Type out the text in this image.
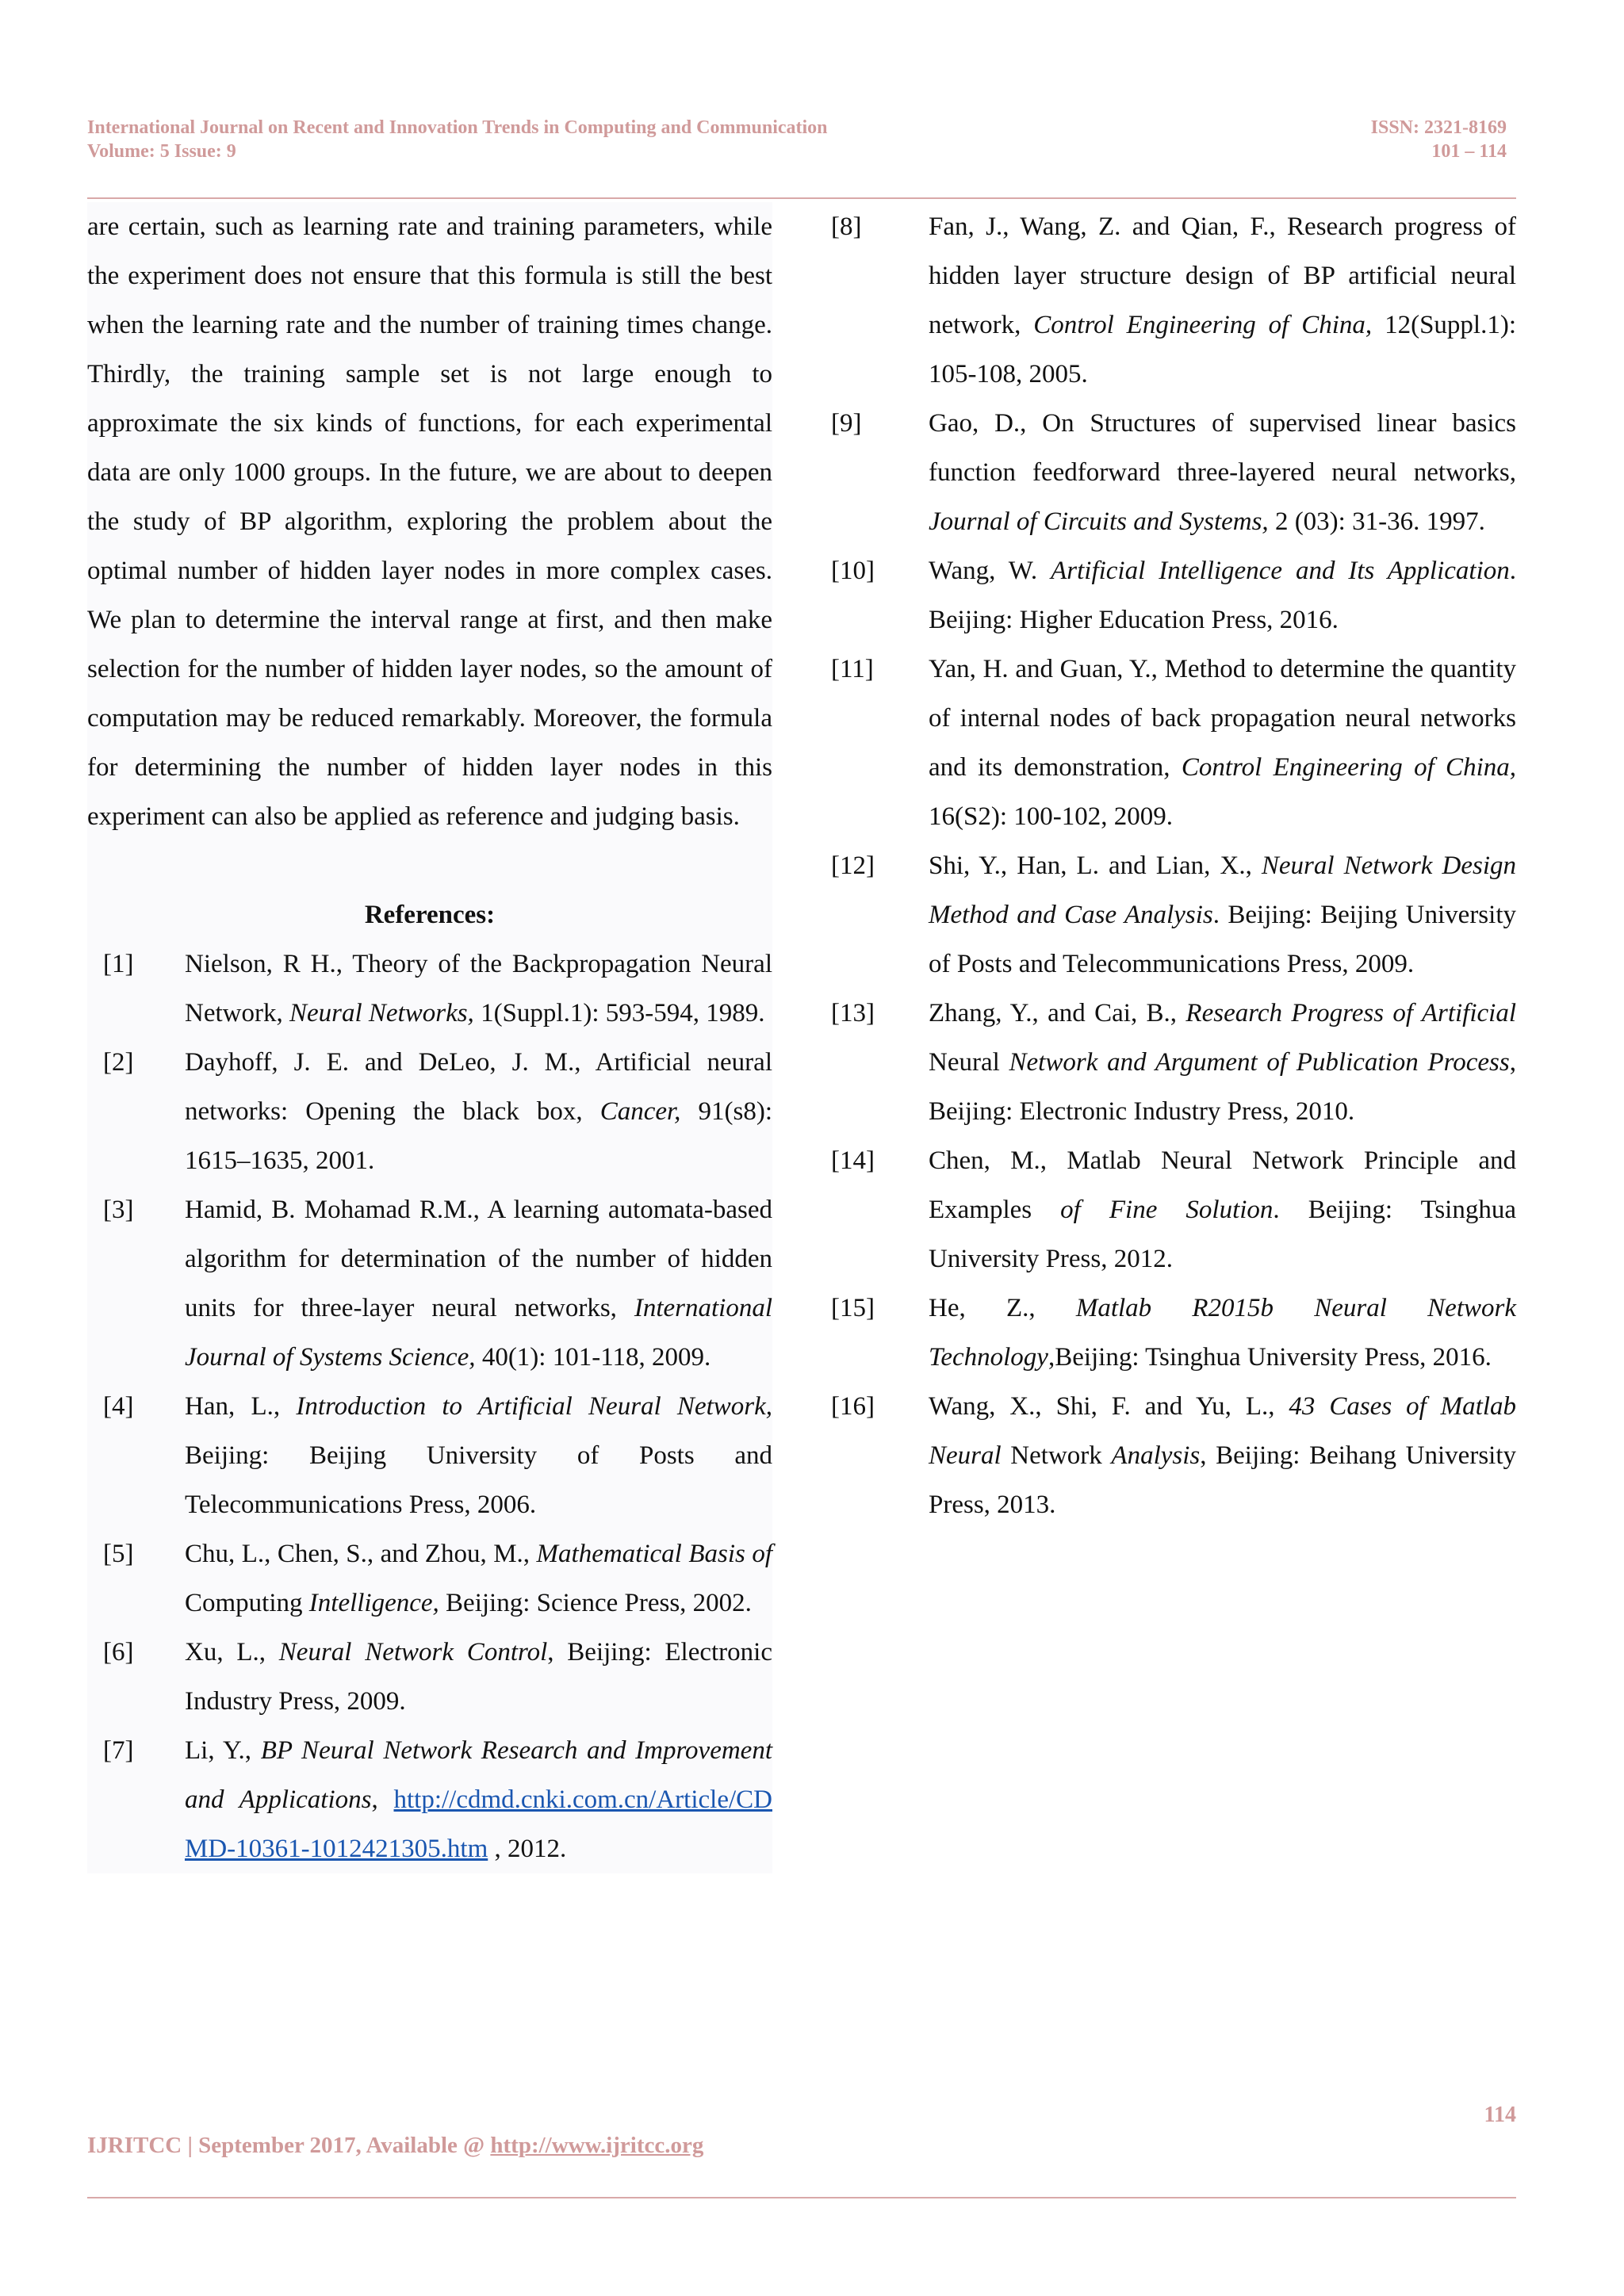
International Journal on Recent and Innovation Trends in Computing and Communication
Volume: 5 Issue: 9
ISSN: 2321-8169
101 – 114

are certain, such as learning rate and training parameters, while the experiment does not ensure that this formula is still the best when the learning rate and the number of training times change. Thirdly, the training sample set is not large enough to approximate the six kinds of functions, for each experimental data are only 1000 groups. In the future, we are about to deepen the study of BP algorithm, exploring the problem about the optimal number of hidden layer nodes in more complex cases. We plan to determine the interval range at first, and then make selection for the number of hidden layer nodes, so the amount of computation may be reduced remarkably. Moreover, the formula for determining the number of hidden layer nodes in this experiment can also be applied as reference and judging basis.

References:
[1]	Nielson, R H., Theory of the Backpropagation Neural Network, Neural Networks, 1(Suppl.1): 593-594, 1989.
[2]	Dayhoff, J. E. and DeLeo, J. M., Artificial neural networks: Opening the black box, Cancer, 91(s8): 1615–1635, 2001.
[3]	Hamid, B. Mohamad R.M., A learning automata-based algorithm for determination of the number of hidden units for three-layer neural networks, International Journal of Systems Science, 40(1): 101-118, 2009.
[4]	Han, L., Introduction to Artificial Neural Network, Beijing: Beijing University of Posts and Telecommunications Press, 2006.
[5]	Chu, L., Chen, S., and Zhou, M., Mathematical Basis of Computing Intelligence, Beijing: Science Press, 2002.
[6]	Xu, L., Neural Network Control, Beijing: Electronic Industry Press, 2009.
[7]	Li, Y., BP Neural Network Research and Improvement and Applications, http://cdmd.cnki.com.cn/Article/CDMD-10361-1012421305.htm , 2012.
[8]	Fan, J., Wang, Z. and Qian, F., Research progress of hidden layer structure design of BP artificial neural network, Control Engineering of China, 12(Suppl.1): 105-108, 2005.
[9]	Gao, D., On Structures of supervised linear basics function feedforward three-layered neural networks, Journal of Circuits and Systems, 2 (03): 31-36. 1997.
[10]	Wang, W. Artificial Intelligence and Its Application. Beijing: Higher Education Press, 2016.
[11]	Yan, H. and Guan, Y., Method to determine the quantity of internal nodes of back propagation neural networks and its demonstration, Control Engineering of China, 16(S2): 100-102, 2009.
[12]	Shi, Y., Han, L. and Lian, X., Neural Network Design Method and Case Analysis. Beijing: Beijing University of Posts and Telecommunications Press, 2009.
[13]	Zhang, Y., and Cai, B., Research Progress of Artificial Neural Network and Argument of Publication Process, Beijing: Electronic Industry Press, 2010.
[14]	Chen, M., Matlab Neural Network Principle and Examples of Fine Solution. Beijing: Tsinghua University Press, 2012.
[15]	He, Z., Matlab R2015b Neural Network Technology,Beijing: Tsinghua University Press, 2016.
[16]	Wang, X., Shi, F. and Yu, L., 43 Cases of Matlab Neural Network Analysis, Beijing: Beihang University Press, 2013.
114
IJRITCC | September 2017, Available @ http://www.ijritcc.org
